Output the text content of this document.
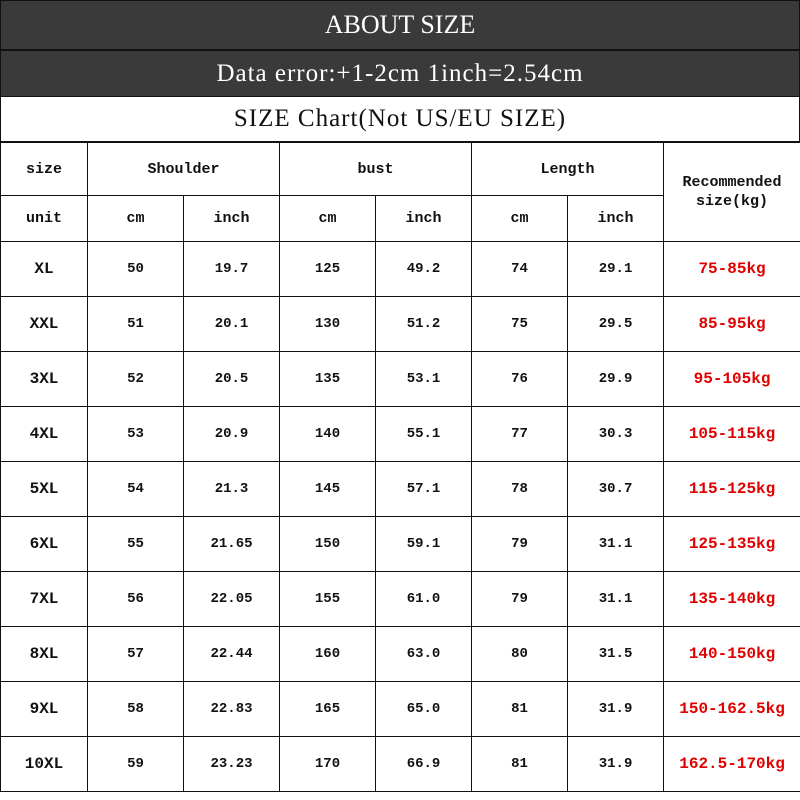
ABOUT SIZE
Data error:+1-2cm 1inch=2.54cm
SIZE Chart(Not US/EU SIZE)
size	Shoulder		bust		Length		Recommended
size(kg)
unit	cm	inch	cm	inch	cm	inch	
XL	50	19.7	125	49.2	74	29.1	75-85kg
XXL	51	20.1	130	51.2	75	29.5	85-95kg
3XL	52	20.5	135	53.1	76	29.9	95-105kg
4XL	53	20.9	140	55.1	77	30.3	105-115kg
5XL	54	21.3	145	57.1	78	30.7	115-125kg
6XL	55	21.65	150	59.1	79	31.1	125-135kg
7XL	56	22.05	155	61.0	79	31.1	135-140kg
8XL	57	22.44	160	63.0	80	31.5	140-150kg
9XL	58	22.83	165	65.0	81	31.9	150-162.5kg
10XL	59	23.23	170	66.9	81	31.9	162.5-170kg
